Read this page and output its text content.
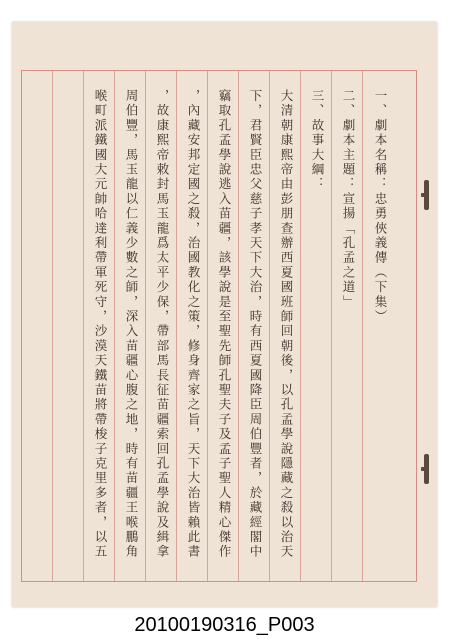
一、劇本名稱：忠勇俠義傳（下集）
二、劇本主題：宣揚「孔孟之道」
三、故事大綱：
大清朝康熙帝由彭朋查辦西夏國班師回朝後，以孔孟學說隱藏之殺以治天
下，君賢臣忠父慈子孝天下大治，時有西夏國降臣周伯豐者，於藏經閣中
竊取孔孟學說逃入苗疆，該學說是至聖先師孔聖夫子及孟子聖人精心傑作
，內藏安邦定國之殺，治國教化之策，修身齊家之旨，天下大治皆賴此書
，故康熙帝敕封馬玉龍爲太平少保，帶部馬長征苗疆索回孔孟學說及緝拿
周伯豐，馬玉龍以仁義少數之師，深入苗疆心腹之地，時有苗疆王喉鵬角
喉町派鐵國大元帥哈達利帶軍死守，沙漠天鐵苗將帶梭子克里多者，以五
20100190316_P003
